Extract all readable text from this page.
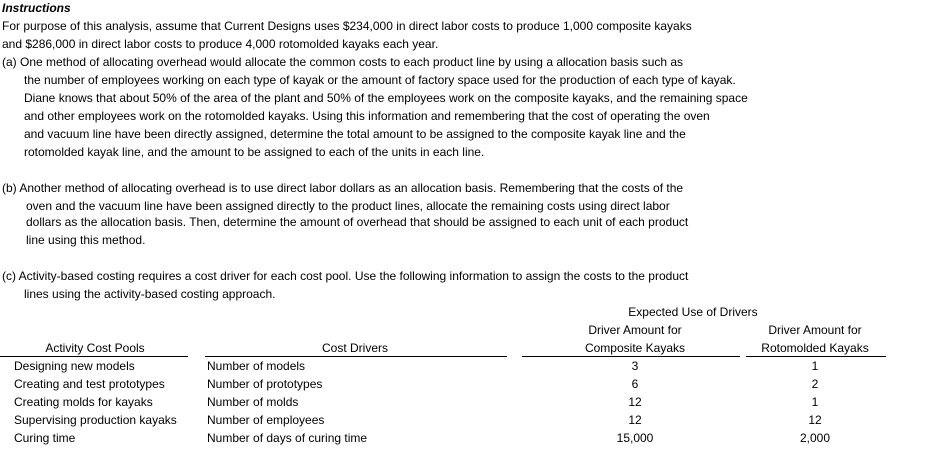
Instructions
For purpose of this analysis, assume that Current Designs uses $234,000 in direct labor costs to produce 1,000 composite kayaks
and $286,000 in direct labor costs to produce 4,000 rotomolded kayaks each year.
(a) One method of allocating overhead would allocate the common costs to each product line by using a allocation basis such as
the number of employees working on each type of kayak or the amount of factory space used for the production of each type of kayak.
Diane knows that about 50% of the area of the plant and 50% of the employees work on the composite kayaks, and the remaining space
and other employees work on the rotomolded kayaks. Using this information and remembering that the cost of operating the oven
and vacuum line have been directly assigned, determine the total amount to be assigned to the composite kayak line and the
rotomolded kayak line, and the amount to be assigned to each of the units in each line.
(b) Another method of allocating overhead is to use direct labor dollars as an allocation basis. Remembering that the costs of the
oven and the vacuum line have been assigned directly to the product lines, allocate the remaining costs using direct labor
dollars as the allocation basis. Then, determine the amount of overhead that should be assigned to each unit of each product
line using this method.
(c) Activity-based costing requires a cost driver for each cost pool. Use the following information to assign the costs to the product
lines using the activity-based costing approach.
Expected Use of Drivers
Driver Amount for	Driver Amount for
Activity Cost Pools	Cost Drivers	Composite Kayaks	Rotomolded Kayaks
Designing new models	Number of models	3	1
Creating and test prototypes	Number of prototypes	6	2
Creating molds for kayaks	Number of molds	12	1
Supervising production kayaks	Number of employees	12	12
Curing time	Number of days of curing time	15,000	2,000
